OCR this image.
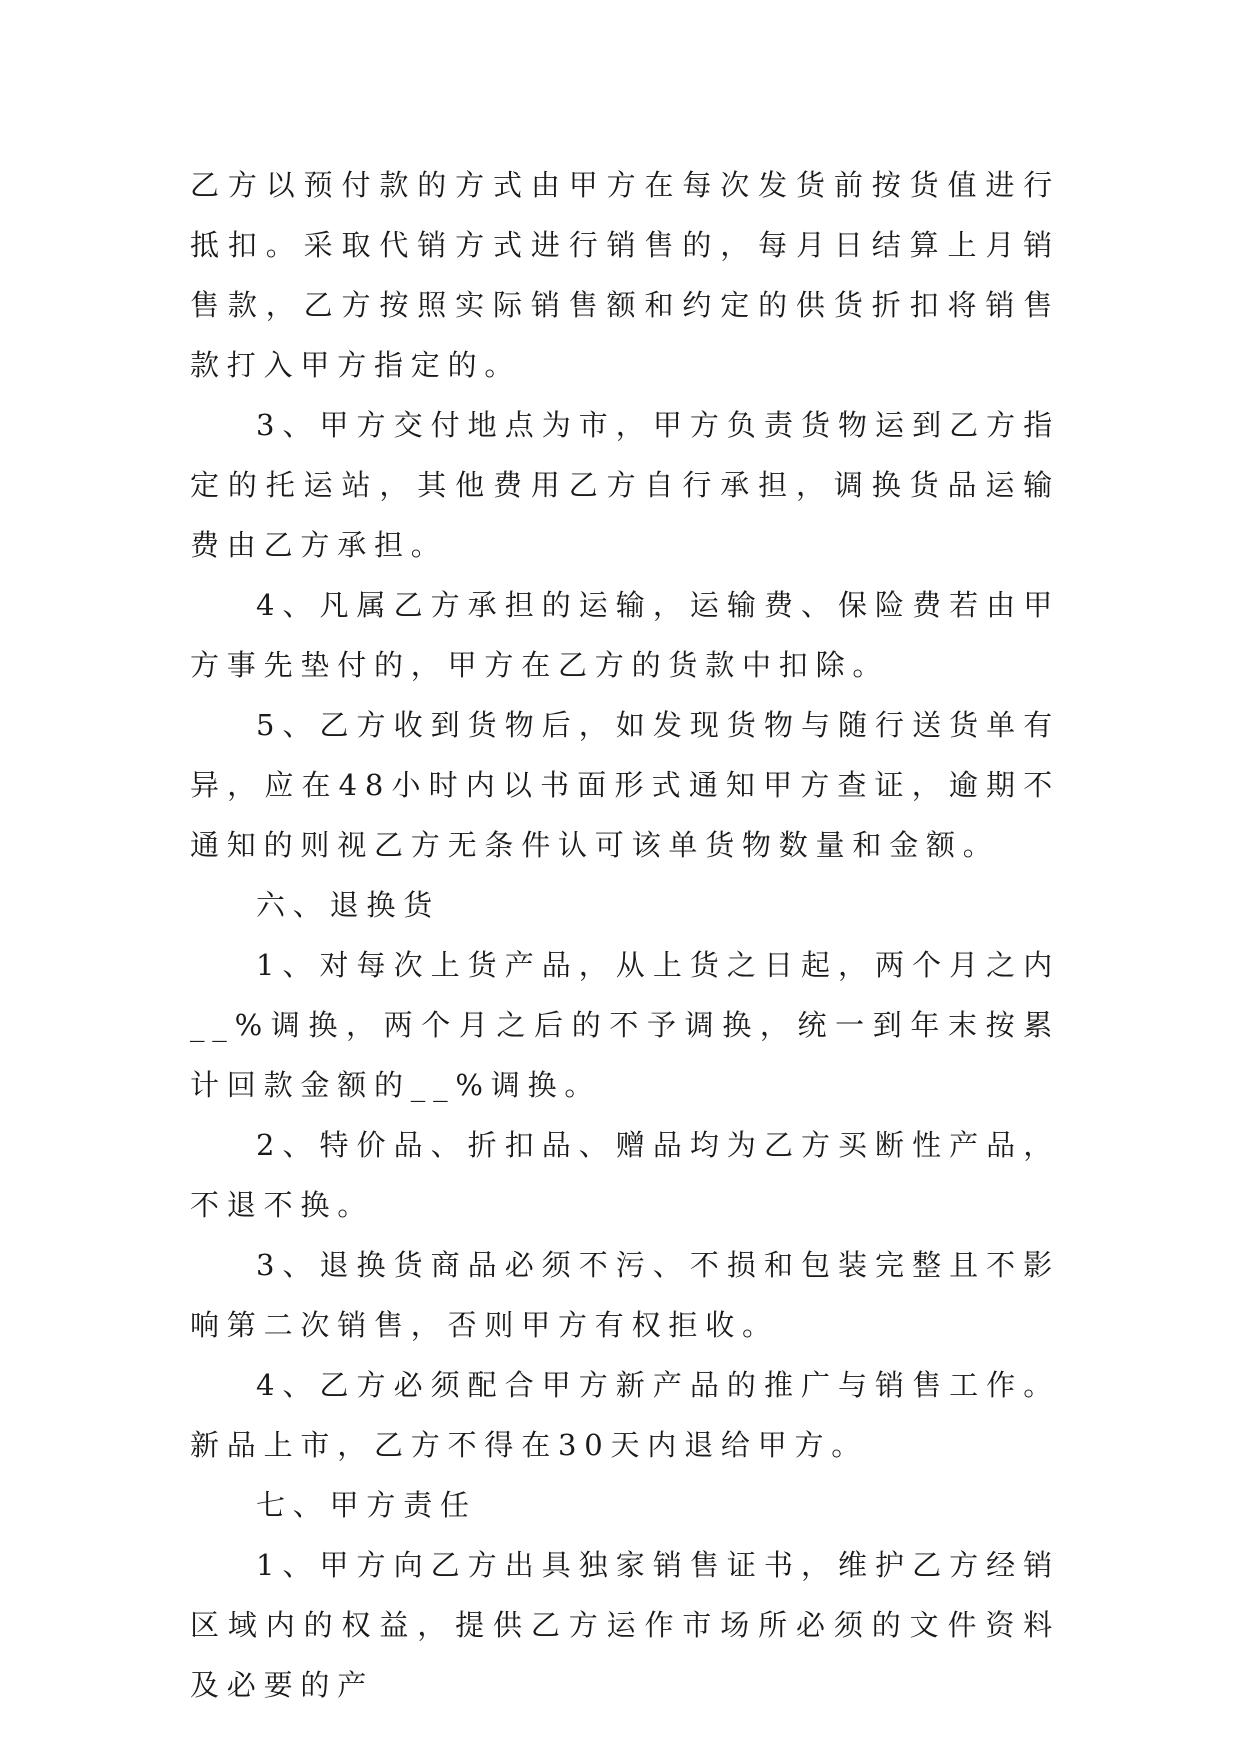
乙方以预付款的方式由甲方在每次发货前按货值进行抵扣。采取代销方式进行销售的，每月日结算上月销售款，乙方按照实际销售额和约定的供货折扣将销售款打入甲方指定的。

3、甲方交付地点为市，甲方负责货物运到乙方指定的托运站，其他费用乙方自行承担，调换货品运输费由乙方承担。

4、凡属乙方承担的运输，运输费、保险费若由甲方事先垫付的，甲方在乙方的货款中扣除。

5、乙方收到货物后，如发现货物与随行送货单有异，应在48小时内以书面形式通知甲方查证，逾期不通知的则视乙方无条件认可该单货物数量和金额。

六、退换货

1、对每次上货产品，从上货之日起，两个月之内__%调换，两个月之后的不予调换，统一到年末按累计回款金额的__%调换。

2、特价品、折扣品、赠品均为乙方买断性产品，不退不换。

3、退换货商品必须不污、不损和包装完整且不影响第二次销售，否则甲方有权拒收。

4、乙方必须配合甲方新产品的推广与销售工作。新品上市，乙方不得在30天内退给甲方。

七、甲方责任

1、甲方向乙方出具独家销售证书，维护乙方经销区域内的权益，提供乙方运作市场所必须的文件资料及必要的产
